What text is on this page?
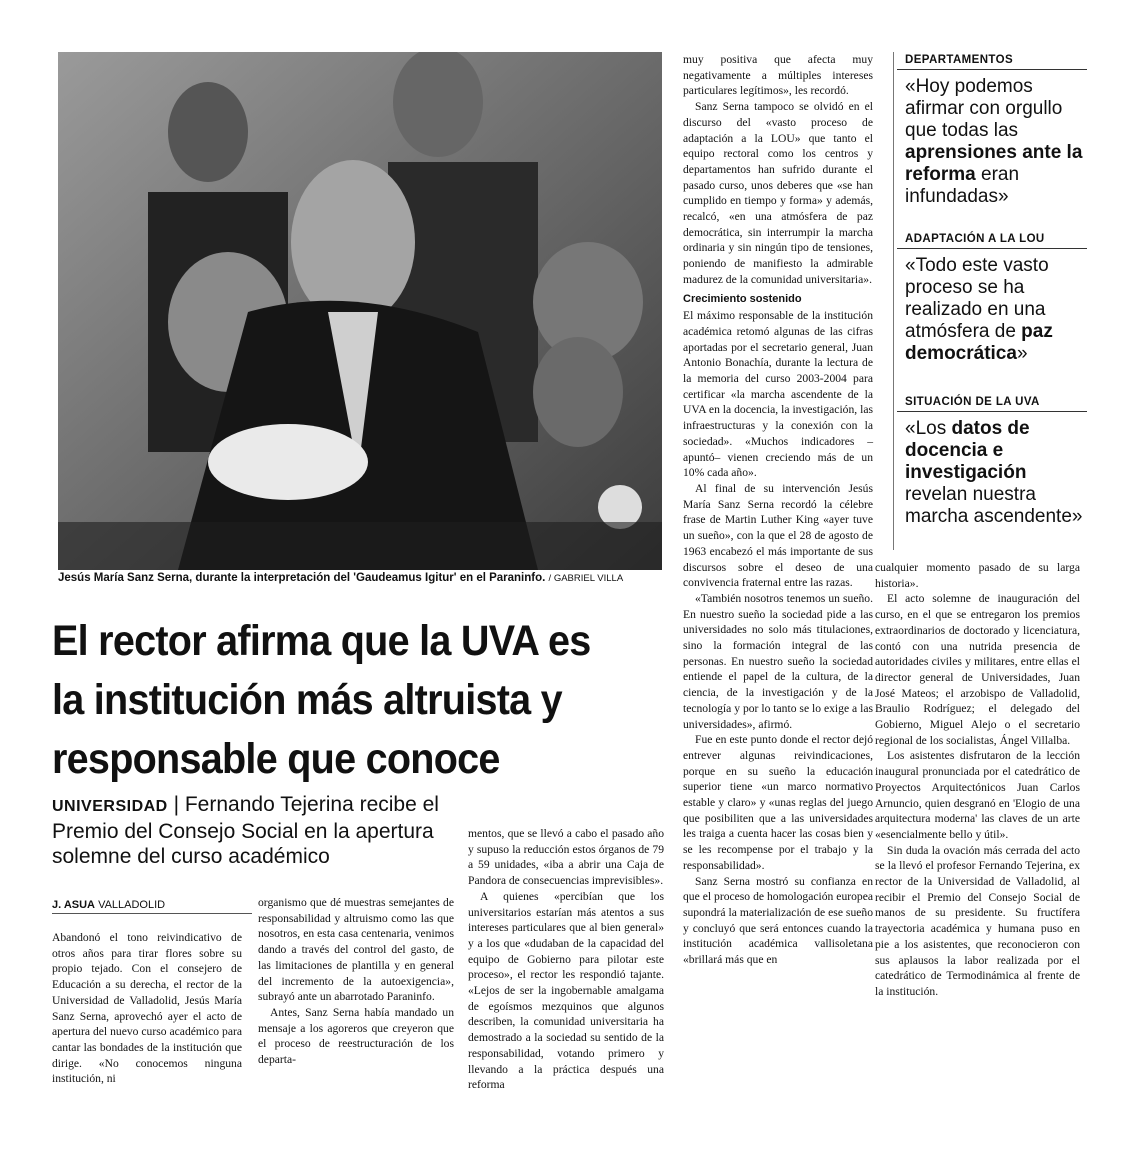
Jesús María Sanz Serna, durante la interpretación del 'Gaudeamus Igitur' en el Paraninfo. / GABRIEL VILLA
El rector afirma que la UVA es la institución más altruista y responsable que conoce
UNIVERSIDAD | Fernando Tejerina recibe el Premio del Consejo Social en la apertura solemne del curso académico
J. ASUA VALLADOLID

Abandonó el tono reivindicativo de otros años para tirar flores sobre su propio tejado. Con el consejero de Educación a su derecha, el rector de la Universidad de Valladolid, Jesús María Sanz Serna, aprovechó ayer el acto de apertura del nuevo curso académico para cantar las bondades de la institución que dirige. «No conocemos ninguna institución, ni

organismo que dé muestras semejantes de responsabilidad y altruismo como las que nosotros, en esta casa centenaria, venimos dando a través del control del gasto, de las limitaciones de plantilla y en general del incremento de la autoexigencia», subrayó ante un abarrotado Paraninfo.

Antes, Sanz Serna había mandado un mensaje a los agoreros que creyeron que el proceso de reestructuración de los departa-

mentos, que se llevó a cabo el pasado año y supuso la reducción estos órganos de 79 a 59 unidades, «iba a abrir una Caja de Pandora de consecuencias imprevisibles».

A quienes «percibían que los universitarios estarían más atentos a sus intereses particulares que al bien general» y a los que «dudaban de la capacidad del equipo de Gobierno para pilotar este proceso», el rector les respondió tajante. «Lejos de ser la ingobernable amalgama de egoísmos mezquinos que algunos describen, la comunidad universitaria ha demostrado a la sociedad su sentido de la responsabilidad, votando primero y llevando a la práctica después una reforma

muy positiva que afecta muy negativamente a múltiples intereses particulares legítimos», les recordó.

Sanz Serna tampoco se olvidó en el discurso del «vasto proceso de adaptación a la LOU» que tanto el equipo rectoral como los centros y departamentos han sufrido durante el pasado curso, unos deberes que «se han cumplido en tiempo y forma» y además, recalcó, «en una atmósfera de paz democrática, sin interrumpir la marcha ordinaria y sin ningún tipo de tensiones, poniendo de manifiesto la admirable madurez de la comunidad universitaria».

Crecimiento sostenido

El máximo responsable de la institución académica retomó algunas de las cifras aportadas por el secretario general, Juan Antonio Bonachía, durante la lectura de la memoria del curso 2003-2004 para certificar «la marcha ascendente de la UVA en la docencia, la investigación, las infraestructuras y la conexión con la sociedad». «Muchos indicadores –apuntó– vienen creciendo más de un 10% cada año».

Al final de su intervención Jesús María Sanz Serna recordó la célebre frase de Martin Luther King «ayer tuve un sueño», con la que el 28 de agosto de 1963 encabezó el más importante de sus discursos sobre el deseo de una convivencia fraternal entre las razas.

«También nosotros tenemos un sueño. En nuestro sueño la sociedad pide a las universidades no solo más titulaciones, sino la formación integral de las personas. En nuestro sueño la sociedad entiende el papel de la cultura, de la ciencia, de la investigación y de la tecnología y por lo tanto se lo exige a las universidades», afirmó.

Fue en este punto donde el rector dejó entrever algunas reivindicaciones, porque en su sueño la educación superior tiene «un marco normativo estable y claro» y «unas reglas del juego que posibiliten que a las universidades les traiga a cuenta hacer las cosas bien y se les recompense por el trabajo y la responsabilidad».

Sanz Serna mostró su confianza en que el proceso de homologación europea supondrá la materialización de ese sueño y concluyó que será entonces cuando la institución académica vallisoletana «brillará más que en

cualquier momento pasado de su larga historia».

El acto solemne de inauguración del curso, en el que se entregaron los premios extraordinarios de doctorado y licenciatura, contó con una nutrida presencia de autoridades civiles y militares, entre ellas el director general de Universidades, Juan José Mateos; el arzobispo de Valladolid, Braulio Rodríguez; el delegado del Gobierno, Miguel Alejo o el secretario regional de los socialistas, Ángel Villalba.

Los asistentes disfrutaron de la lección inaugural pronunciada por el catedrático de Proyectos Arquitectónicos Juan Carlos Arnuncio, quien desgranó en 'Elogio de una arquitectura moderna' las claves de un arte «esencialmente bello y útil».

Sin duda la ovación más cerrada del acto se la llevó el profesor Fernando Tejerina, ex rector de la Universidad de Valladolid, al recibir el Premio del Consejo Social de manos de su presidente. Su fructífera trayectoria académica y humana puso en pie a los asistentes, que reconocieron con sus aplausos la labor realizada por el catedrático de Termodinámica al frente de la institución.

DEPARTAMENTOS
«Hoy podemos afirmar con orgullo que todas las aprensiones ante la reforma eran infundadas»
ADAPTACIÓN A LA LOU
«Todo este vasto proceso se ha realizado en una atmósfera de paz democrática»
SITUACIÓN DE LA UVA
«Los datos de docencia e investigación revelan nuestra marcha ascendente»
